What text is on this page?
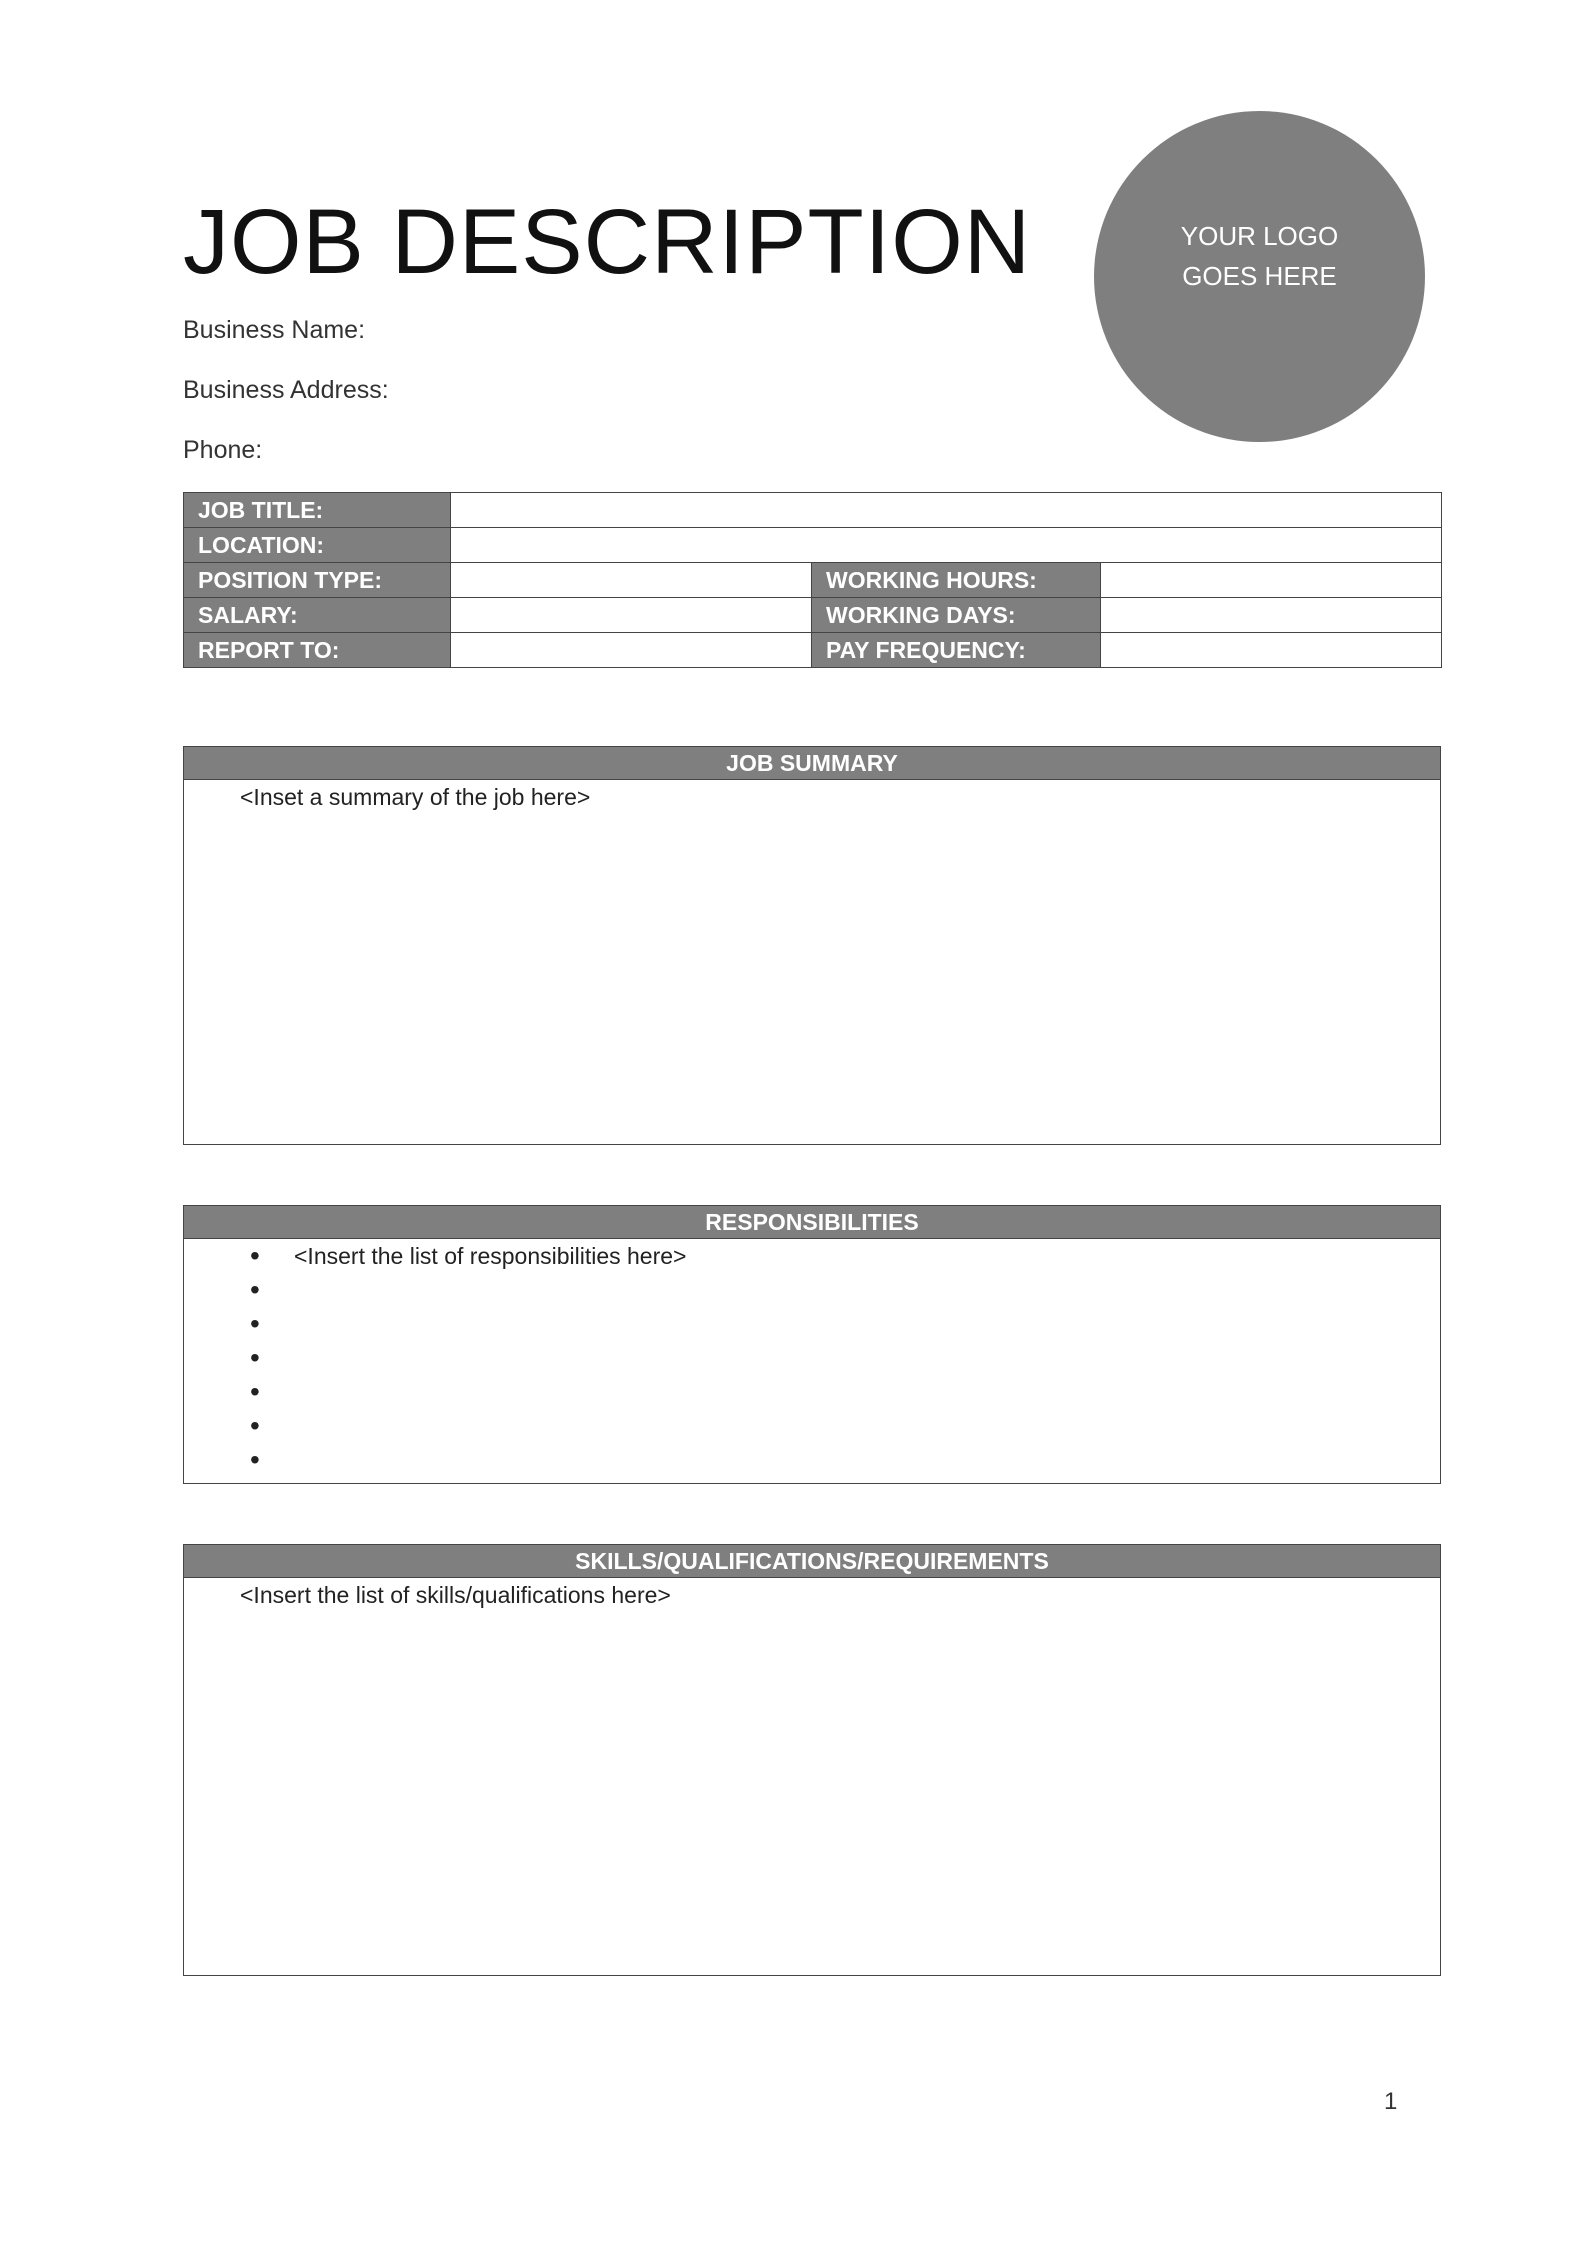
JOB DESCRIPTION
Business Name:
Business Address:
Phone:
YOUR LOGO
GOES HERE
JOB TITLE:			
LOCATION:			
POSITION TYPE:		WORKING HOURS:	
SALARY:		WORKING DAYS:	
REPORT TO:		PAY FREQUENCY:	
JOB SUMMARY
<Inset a summary of the job here>
RESPONSIBILITIES
• <Insert the list of responsibilities here>
•
•
•
•
•
•
SKILLS/QUALIFICATIONS/REQUIREMENTS
<Insert the list of skills/qualifications here>
1
